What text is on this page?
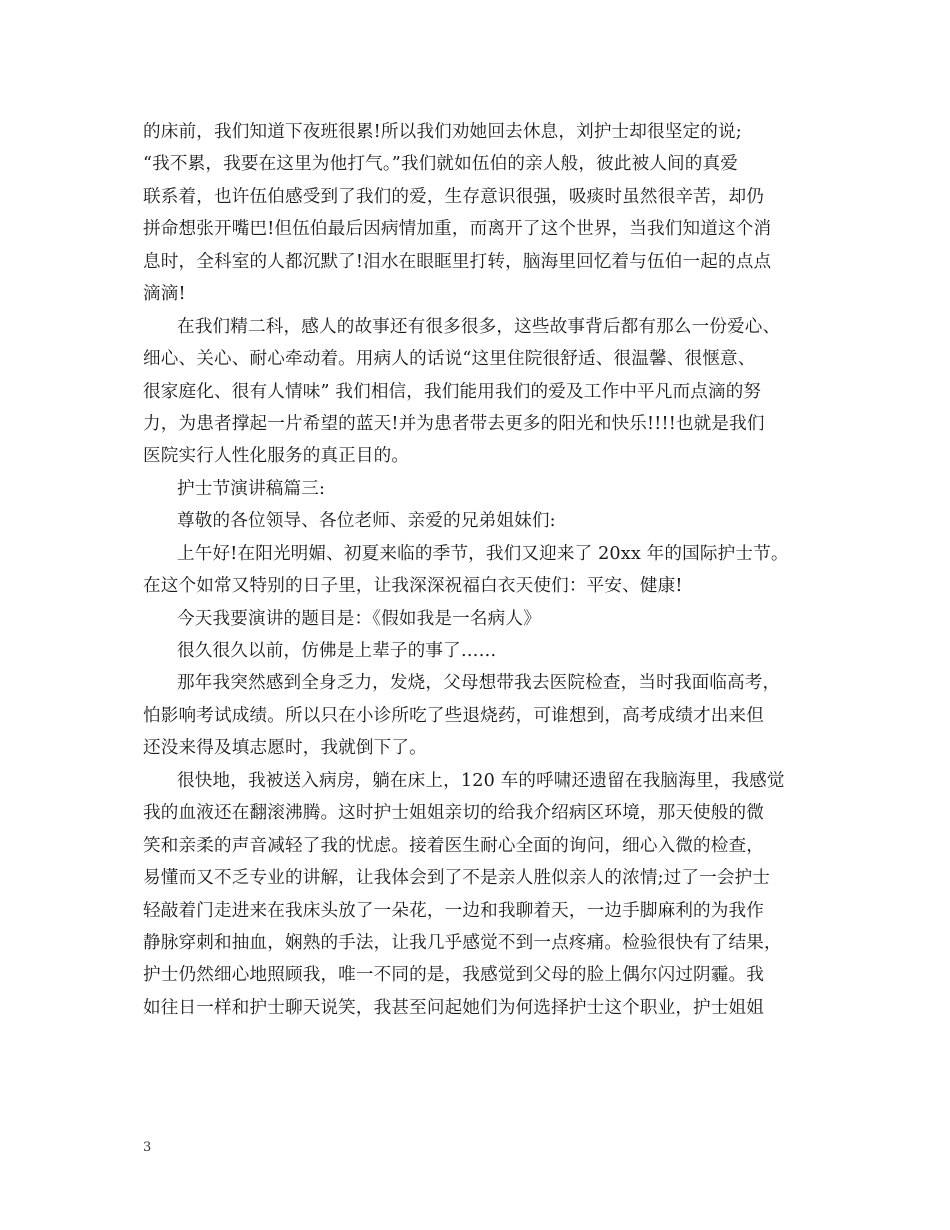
的床前，我们知道下夜班很累!所以我们劝她回去休息，刘护士却很坚定的说;
“我不累，我要在这里为他打气。”我们就如伍伯的亲人般，彼此被人间的真爱
联系着，也许伍伯感受到了我们的爱，生存意识很强，吸痰时虽然很辛苦，却仍
拼命想张开嘴巴!但伍伯最后因病情加重，而离开了这个世界，当我们知道这个消
息时，全科室的人都沉默了!泪水在眼眶里打转，脑海里回忆着与伍伯一起的点点
滴滴!
在我们精二科，感人的故事还有很多很多，这些故事背后都有那么一份爱心、
细心、关心、耐心牵动着。用病人的话说“这里住院很舒适、很温馨、很惬意、
很家庭化、很有人情味” 我们相信，我们能用我们的爱及工作中平凡而点滴的努
力，为患者撑起一片希望的蓝天!并为患者带去更多的阳光和快乐!!!!也就是我们
医院实行人性化服务的真正目的。
护士节演讲稿篇三:
尊敬的各位领导、各位老师、亲爱的兄弟姐妹们:
上午好!在阳光明媚、初夏来临的季节，我们又迎来了 20xx 年的国际护士节。
在这个如常又特别的日子里，让我深深祝福白衣天使们：平安、健康!
今天我要演讲的题目是：《假如我是一名病人》
很久很久以前，仿佛是上辈子的事了……
那年我突然感到全身乏力，发烧，父母想带我去医院检查，当时我面临高考，
怕影响考试成绩。所以只在小诊所吃了些退烧药，可谁想到，高考成绩才出来但
还没来得及填志愿时，我就倒下了。
很快地，我被送入病房，躺在床上，120 车的呼啸还遗留在我脑海里，我感觉
我的血液还在翻滚沸腾。这时护士姐姐亲切的给我介绍病区环境，那天使般的微
笑和亲柔的声音减轻了我的忧虑。接着医生耐心全面的询问，细心入微的检查，
易懂而又不乏专业的讲解，让我体会到了不是亲人胜似亲人的浓情;过了一会护士
轻敲着门走进来在我床头放了一朵花，一边和我聊着天，一边手脚麻利的为我作
静脉穿刺和抽血，娴熟的手法，让我几乎感觉不到一点疼痛。检验很快有了结果，
护士仍然细心地照顾我，唯一不同的是，我感觉到父母的脸上偶尔闪过阴霾。我
如往日一样和护士聊天说笑，我甚至问起她们为何选择护士这个职业，护士姐姐
3
